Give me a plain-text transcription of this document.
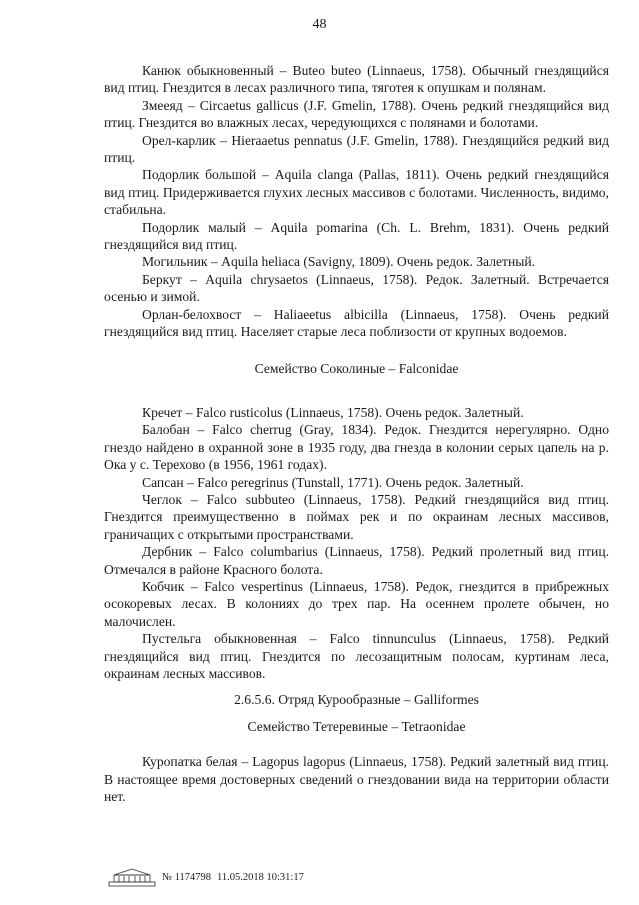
48

Канюк обыкновенный – Buteo buteo (Linnaeus, 1758). Обычный гнездящийся вид птиц. Гнездится в лесах различного типа, тяготея к опушкам и полянам.

Змееяд – Circaetus gallicus (J.F. Gmelin, 1788). Очень редкий гнездящийся вид птиц. Гнездится во влажных лесах, чередующихся с полянами и болотами.

Орел-карлик – Hieraaetus pennatus (J.F. Gmelin, 1788). Гнездящийся редкий вид птиц.

Подорлик большой – Aquila clanga (Pallas, 1811). Очень редкий гнездящийся вид птиц. Придерживается глухих лесных массивов с болотами. Численность, видимо, стабильна.

Подорлик малый – Aquila pomarina (Ch. L. Brehm, 1831). Очень редкий гнездящийся вид птиц.

Могильник – Aquila heliaca (Savigny, 1809). Очень редок. Залетный.

Беркут – Aquila chrysaetos (Linnaeus, 1758). Редок. Залетный. Встречается осенью и зимой.

Орлан-белохвост – Haliaeetus albicilla (Linnaeus, 1758). Очень редкий гнездящийся вид птиц. Населяет старые леса поблизости от крупных водоемов.

Семейство Соколиные – Falconidae

Кречет – Falco rusticolus (Linnaeus, 1758). Очень редок. Залетный.

Балобан – Falco cherrug (Gray, 1834). Редок. Гнездится нерегулярно. Одно гнездо найдено в охранной зоне в 1935 году, два гнезда в колонии серых цапель на р. Ока у с. Терехово (в 1956, 1961 годах).

Сапсан – Falco peregrinus (Tunstall, 1771). Очень редок. Залетный.

Чеглок – Falco subbuteo (Linnaeus, 1758). Редкий гнездящийся вид птиц. Гнездится преимущественно в поймах рек и по окраинам лесных массивов, граничащих с открытыми пространствами.

Дербник – Falco columbarius (Linnaeus, 1758). Редкий пролетный вид птиц. Отмечался в районе Красного болота.

Кобчик – Falco vespertinus (Linnaeus, 1758). Редок, гнездится в прибрежных осокоревых лесах. В колониях до трех пар. На осеннем пролете обычен, но малочислен.

Пустельга обыкновенная – Falco tinnunculus (Linnaeus, 1758). Редкий гнездящийся вид птиц. Гнездится по лесозащитным полосам, куртинам леса, окраинам лесных массивов.

2.6.5.6. Отряд Курообразные – Galliformes

Семейство Тетеревиные – Tetraonidae

Куропатка белая – Lagopus lagopus (Linnaeus, 1758). Редкий залетный вид птиц. В настоящее время достоверных сведений о гнездовании вида на территории области нет.

№ 1174798 11.05.2018 10:31:17
